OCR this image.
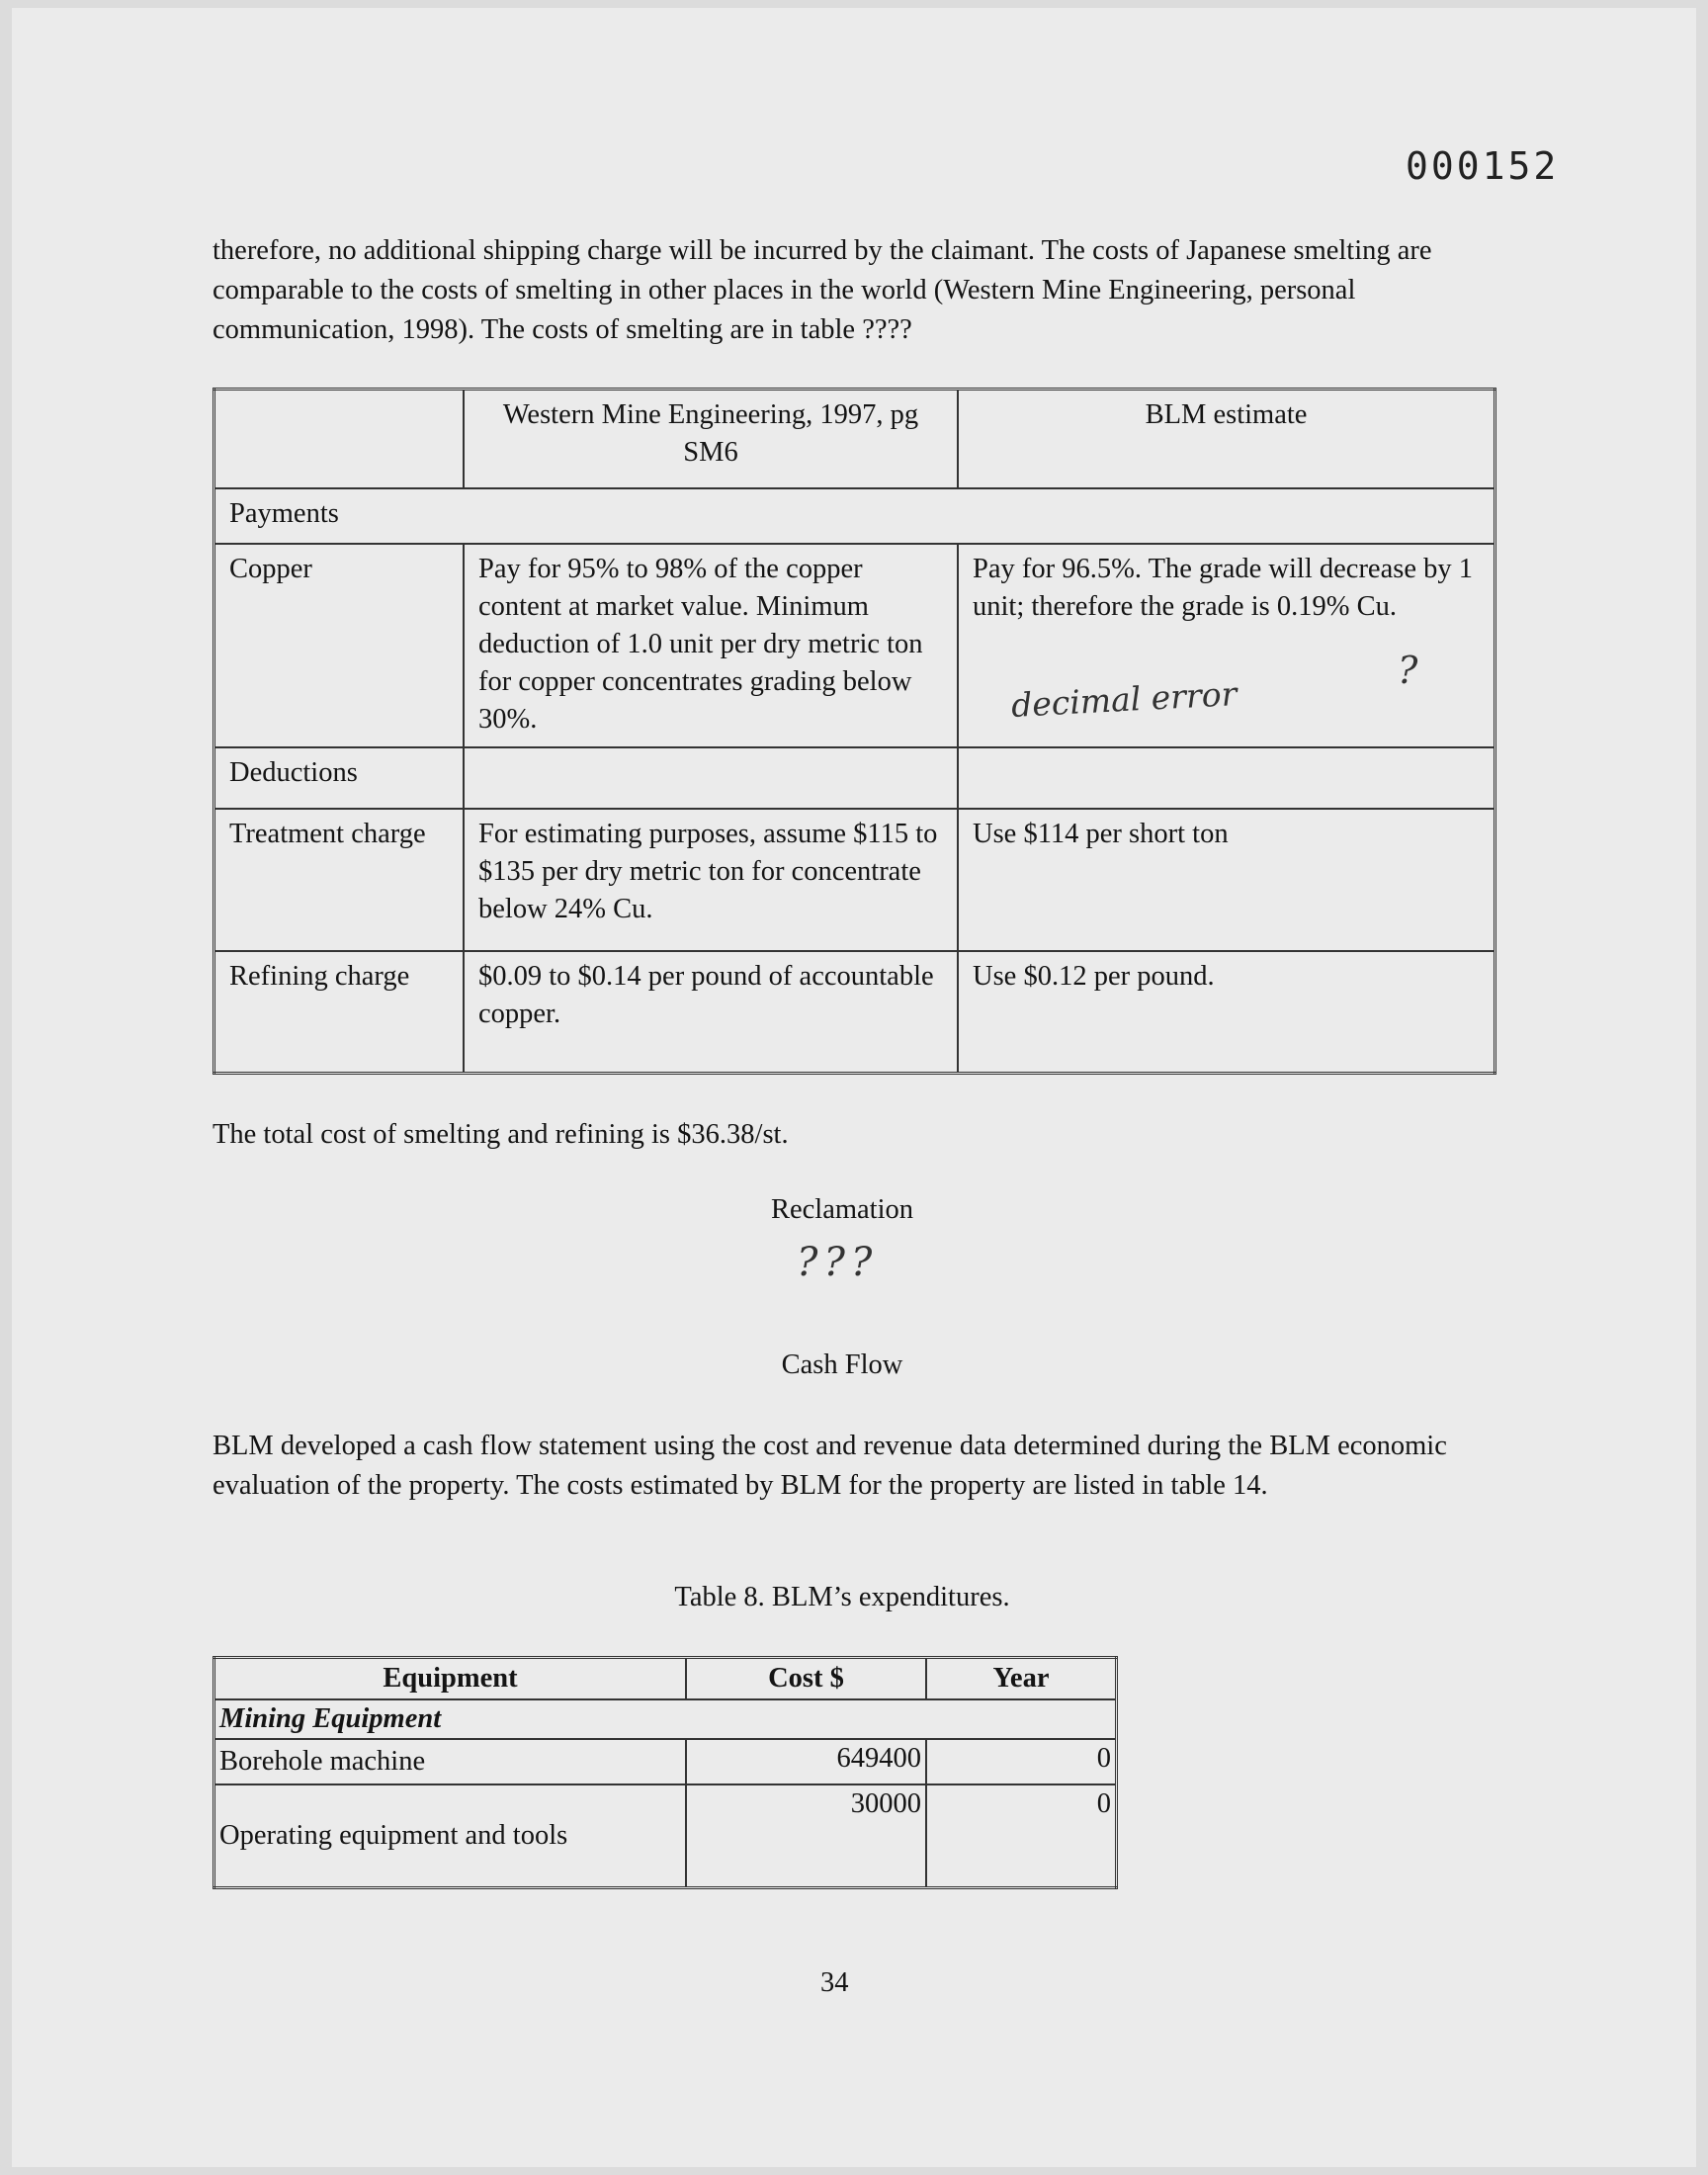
000152
therefore, no additional shipping charge will be incurred by the claimant. The costs of Japanese smelting are comparable to the costs of smelting in other places in the world (Western Mine Engineering, personal communication, 1998). The costs of smelting are in table ????
	Western Mine Engineering, 1997, pg SM6	BLM estimate
Payments		
Copper	Pay for 95% to 98% of the copper content at market value. Minimum deduction of 1.0 unit per dry metric ton for copper concentrates grading below 30%.	Pay for 96.5%. The grade will decrease by 1 unit; therefore the grade is 0.19% Cu.
Deductions		
Treatment charge	For estimating purposes, assume $115 to $135 per dry metric ton for concentrate below 24% Cu.	Use $114 per short ton
Refining charge	$0.09 to $0.14 per pound of accountable copper.	Use $0.12 per pound.
decimal error
?
The total cost of smelting and refining is $36.38/st.
Reclamation
???
Cash Flow
BLM developed a cash flow statement using the cost and revenue data determined during the BLM economic evaluation of the property. The costs estimated by BLM for the property are listed in table 14.
Table 8. BLM’s expenditures.
Equipment	Cost $	Year
Mining Equipment		
Borehole machine	649400	0
Operating equipment and tools	30000	0
34
